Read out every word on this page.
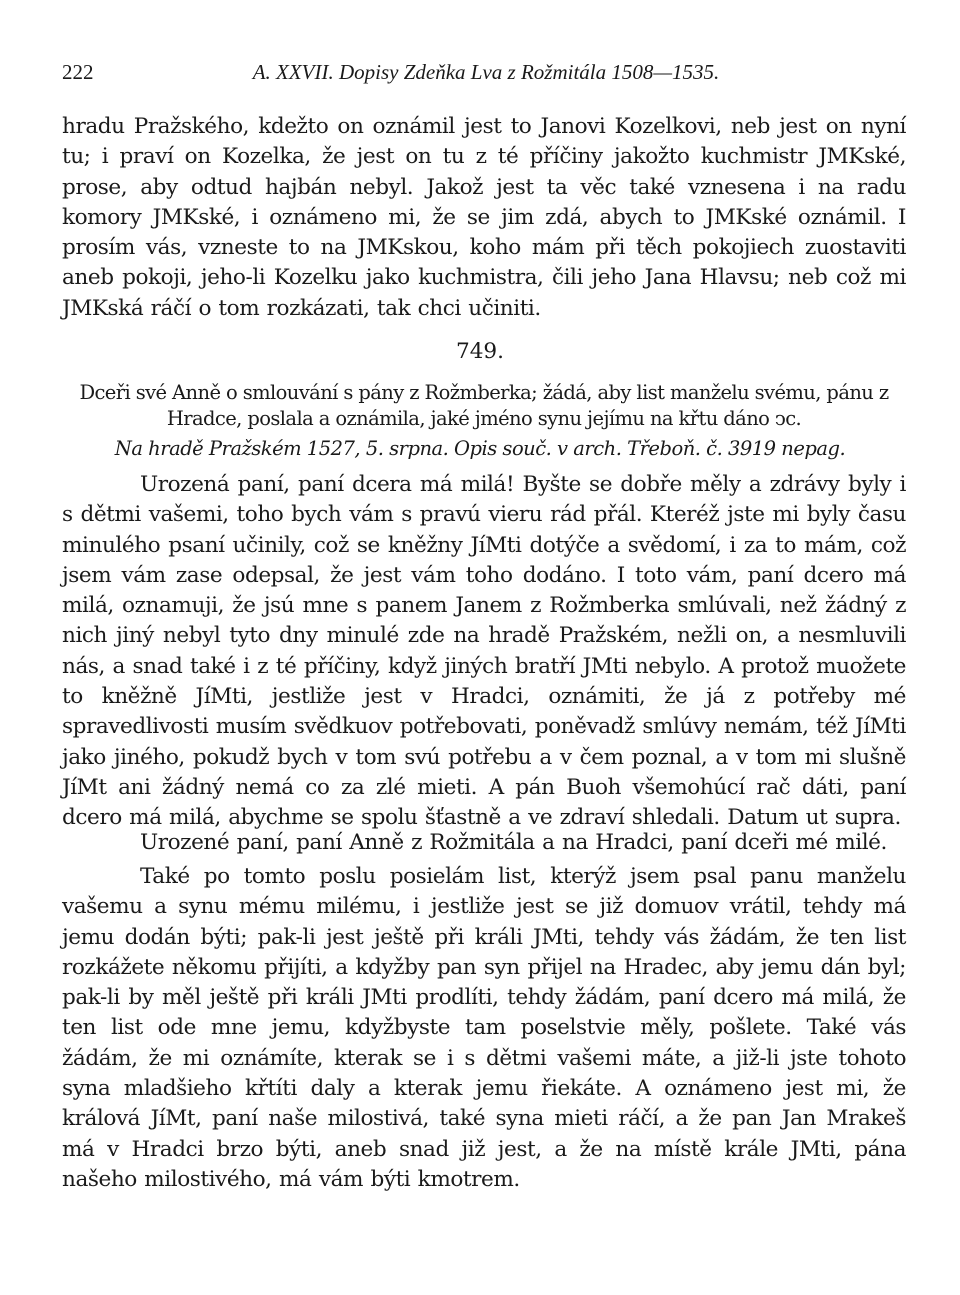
222	A. XXVII. Dopisy Zdeňka Lva z Rožmitála 1508—1535.

hradu Pražského, kdežto on oznámil jest to Janovi Kozelkovi, neb jest on nyní tu; i praví on Kozelka, že jest on tu z té příčiny jakožto kuchmistr JMKské, prose, aby odtud hajbán nebyl. Jakož jest ta věc také vznesena i na radu komory JMKské, i oznámeno mi, že se jim zdá, abych to JMKské oznámil. I prosím vás, vzneste to na JMKskou, koho mám při těch pokojiech zuostaviti aneb pokoji, jeho-li Kozelku jako kuchmistra, čili jeho Jana Hlavsu; neb což mi JMKská ráčí o tom rozkázati, tak chci učiniti.

749.
Dceři své Anně o smlouvání s pány z Rožmberka; žádá, aby list manželu svému, pánu z Hradce, poslala a oznámila, jaké jméno synu jejímu na křtu dáno ↄc.
Na hradě Pražském 1527, 5. srpna. Opis souč. v arch. Třeboň. č. 3919 nepag.

Urozená paní, paní dcera má milá! Byšte se dobře měly a zdrávy byly i s dětmi vašemi, toho bych vám s pravú vieru rád přál. Kteréž jste mi byly času minulého psaní učinily, což se kněžny JíMti dotýče a svědomí, i za to mám, což jsem vám zase odepsal, že jest vám toho dodáno. I toto vám, paní dcero má milá, oznamuji, že jsú mne s panem Janem z Rožmberka smlúvali, než žádný z nich jiný nebyl tyto dny minulé zde na hradě Pražském, nežli on, a nesmluvili nás, a snad také i z té příčiny, když jiných bratří JMti nebylo. A protož muožete to kněžně JíMti, jestliže jest v Hradci, oznámiti, že já z potřeby mé spravedlivosti musím svědkuov potřebovati, poněvadž smlúvy nemám, též JíMti jako jiného, pokudž bych v tom svú potřebu a v čem poznal, a v tom mi slušně JíMt ani žádný nemá co za zlé mieti. A pán Buoh všemohúcí rač dáti, paní dcero má milá, abychme se spolu šťastně a ve zdraví shledali. Datum ut supra.

Urozené paní, paní Anně z Rožmitála a na Hradci, paní dceři mé milé.

Také po tomto poslu posielám list, kterýž jsem psal panu manželu vašemu a synu mému milému, i jestliže jest se již domuov vrátil, tehdy má jemu dodán býti; pak-li jest ještě při králi JMti, tehdy vás žádám, že ten list rozkážete někomu přijíti, a kdyžby pan syn přijel na Hradec, aby jemu dán byl; pak-li by měl ještě při králi JMti prodlíti, tehdy žádám, paní dcero má milá, že ten list ode mne jemu, kdyžbyste tam poselstvie měly, pošlete. Také vás žádám, že mi oznámíte, kterak se i s dětmi vašemi máte, a již-li jste tohoto syna mladšieho křtíti daly a kterak jemu řiekáte. A oznámeno jest mi, že králová JíMt, paní naše milostivá, také syna mieti ráčí, a že pan Jan Mrakeš má v Hradci brzo býti, aneb snad již jest, a že na místě krále JMti, pána našeho milostivého, má vám býti kmotrem.
